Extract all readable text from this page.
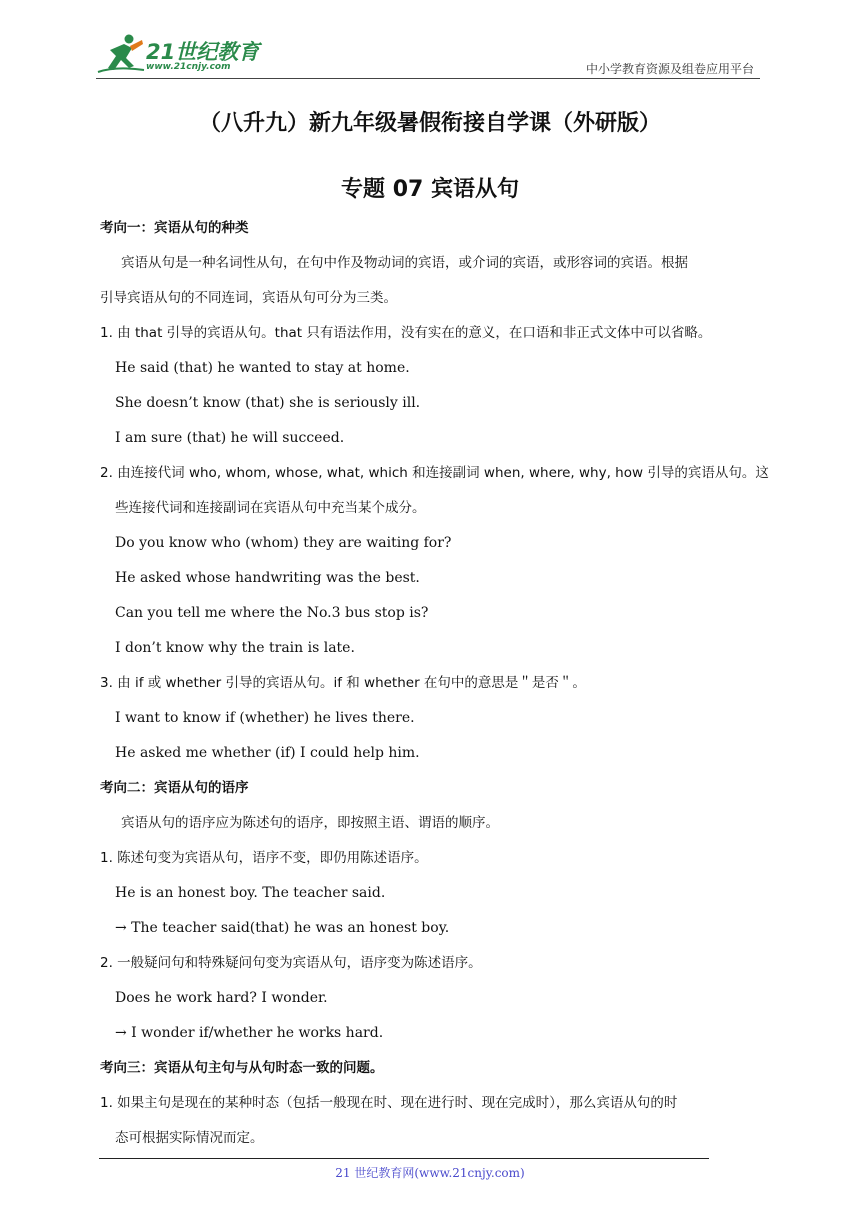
21世纪教育
www.21cnjy.com	中小学教育资源及组卷应用平台
（八升九）新九年级暑假衔接自学课（外研版）
专题 07 宾语从句
考向一：宾语从句的种类
宾语从句是一种名词性从句，在句中作及物动词的宾语，或介词的宾语，或形容词的宾语。根据
引导宾语从句的不同连词，宾语从句可分为三类。
1. 由 that 引导的宾语从句。that 只有语法作用，没有实在的意义，在口语和非正式文体中可以省略。
He said (that) he wanted to stay at home.
She doesn’t know (that) she is seriously ill.
I am sure (that) he will succeed.
2. 由连接代词 who, whom, whose, what, which 和连接副词 when, where, why, how 引导的宾语从句。这
些连接代词和连接副词在宾语从句中充当某个成分。
Do you know who (whom) they are waiting for?
He asked whose handwriting was the best.
Can you tell me where the No.3 bus stop is?
I don’t know why the train is late.
3. 由 if 或 whether 引导的宾语从句。if 和 whether 在句中的意思是＂是否＂。
I want to know if (whether) he lives there.
He asked me whether (if) I could help him.
考向二：宾语从句的语序
宾语从句的语序应为陈述句的语序，即按照主语、谓语的顺序。
1. 陈述句变为宾语从句，语序不变，即仍用陈述语序。
He is an honest boy. The teacher said.
→ The teacher said(that) he was an honest boy.
2. 一般疑问句和特殊疑问句变为宾语从句，语序变为陈述语序。
Does he work hard? I wonder.
→ I wonder if/whether he works hard.
考向三：宾语从句主句与从句时态一致的问题。
1. 如果主句是现在的某种时态（包括一般现在时、现在进行时、现在完成时），那么宾语从句的时
态可根据实际情况而定。
21 世纪教育网(www.21cnjy.com)
